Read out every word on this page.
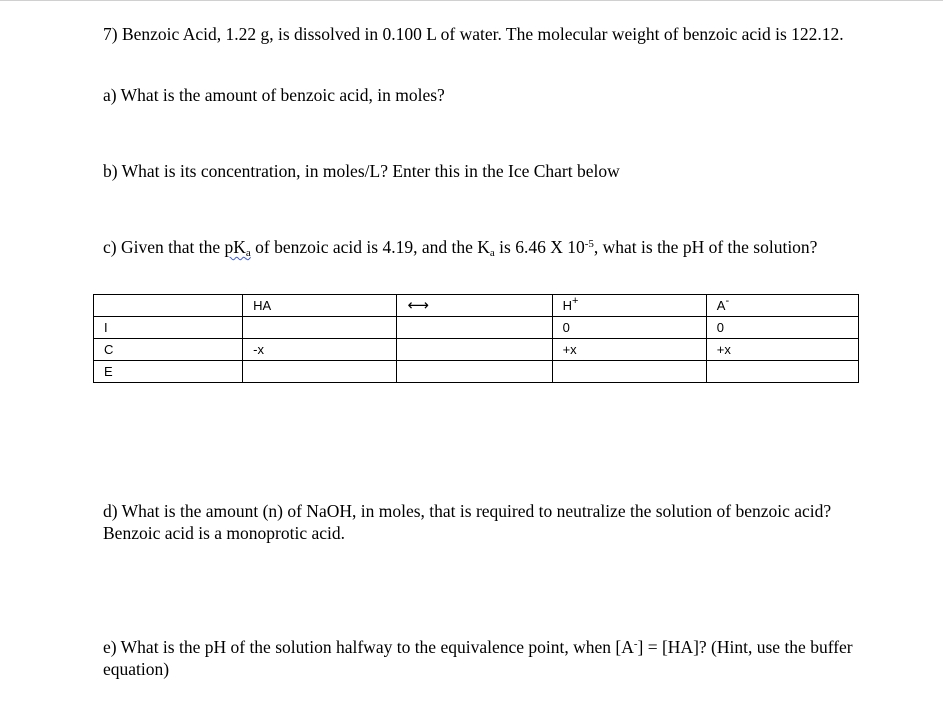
7) Benzoic Acid, 1.22 g, is dissolved in 0.100 L of water. The molecular weight of benzoic acid is 122.12.
a) What is the amount of benzoic acid, in moles?
b) What is its concentration, in moles/L? Enter this in the Ice Chart below
c) Given that the $pK_a$ of benzoic acid is 4.19, and the $K_a$ is 6.46 X $10^{-5}$, what is the pH of the solution?
	HA	⟷	H+	A-
I			0	0
C	-x		+x	+x
E				
d) What is the amount (n) of NaOH, in moles, that is required to neutralize the solution of benzoic acid? Benzoic acid is a monoprotic acid.
e) What is the pH of the solution halfway to the equivalence point, when [A-] = [HA]? (Hint, use the buffer equation)
